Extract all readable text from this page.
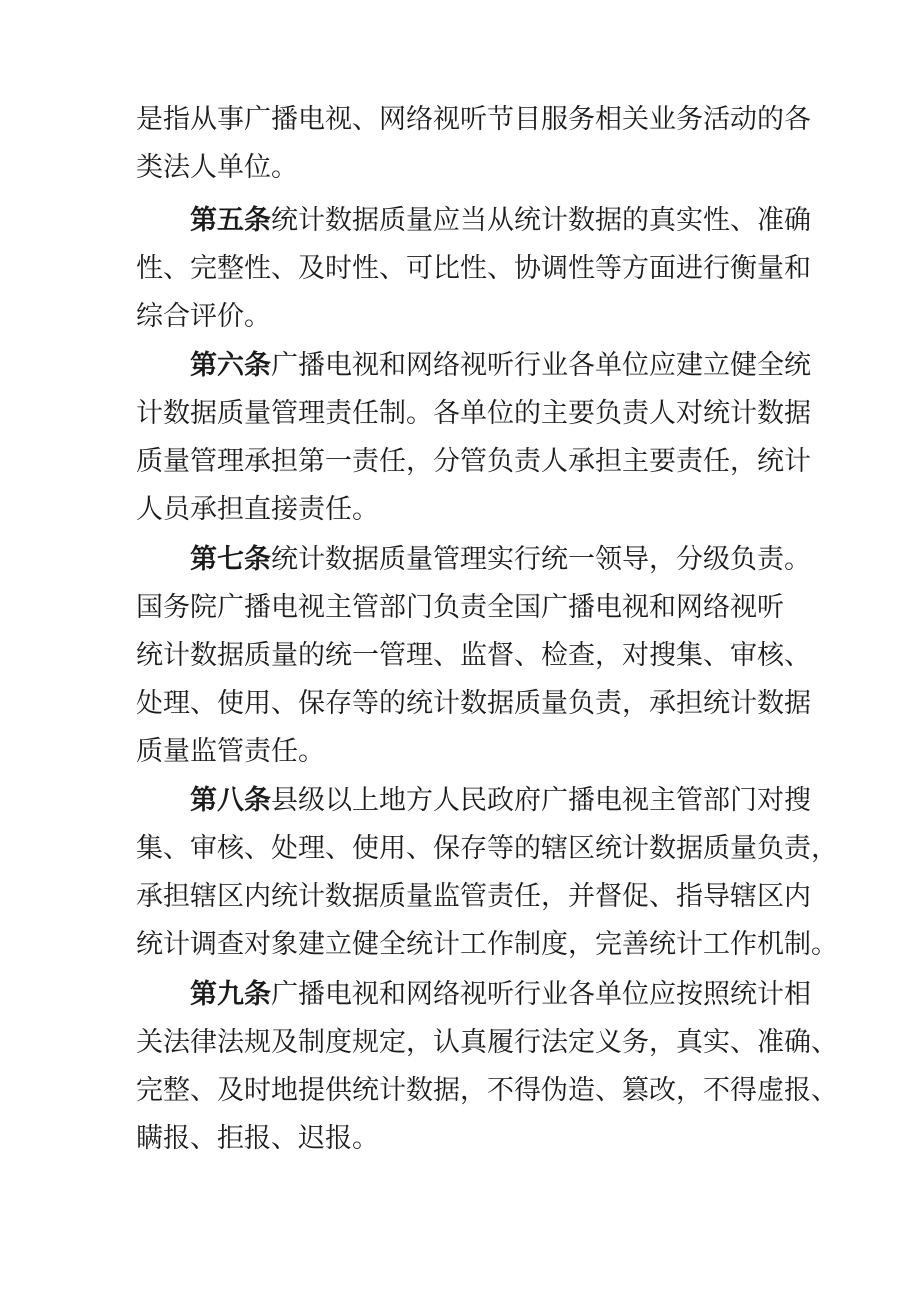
是指从事广播电视、网络视听节目服务相关业务活动的各
类法人单位。
第五条统计数据质量应当从统计数据的真实性、准确
性、完整性、及时性、可比性、协调性等方面进行衡量和
综合评价。
第六条广播电视和网络视听行业各单位应建立健全统
计数据质量管理责任制。各单位的主要负责人对统计数据
质量管理承担第一责任，分管负责人承担主要责任，统计
人员承担直接责任。
第七条统计数据质量管理实行统一领导，分级负责。
国务院广播电视主管部门负责全国广播电视和网络视听
统计数据质量的统一管理、监督、检查，对搜集、审核、
处理、使用、保存等的统计数据质量负责，承担统计数据
质量监管责任。
第八条县级以上地方人民政府广播电视主管部门对搜
集、审核、处理、使用、保存等的辖区统计数据质量负责，
承担辖区内统计数据质量监管责任，并督促、指导辖区内
统计调查对象建立健全统计工作制度，完善统计工作机制。
第九条广播电视和网络视听行业各单位应按照统计相
关法律法规及制度规定，认真履行法定义务，真实、准确、
完整、及时地提供统计数据，不得伪造、篡改，不得虚报、
瞒报、拒报、迟报。
